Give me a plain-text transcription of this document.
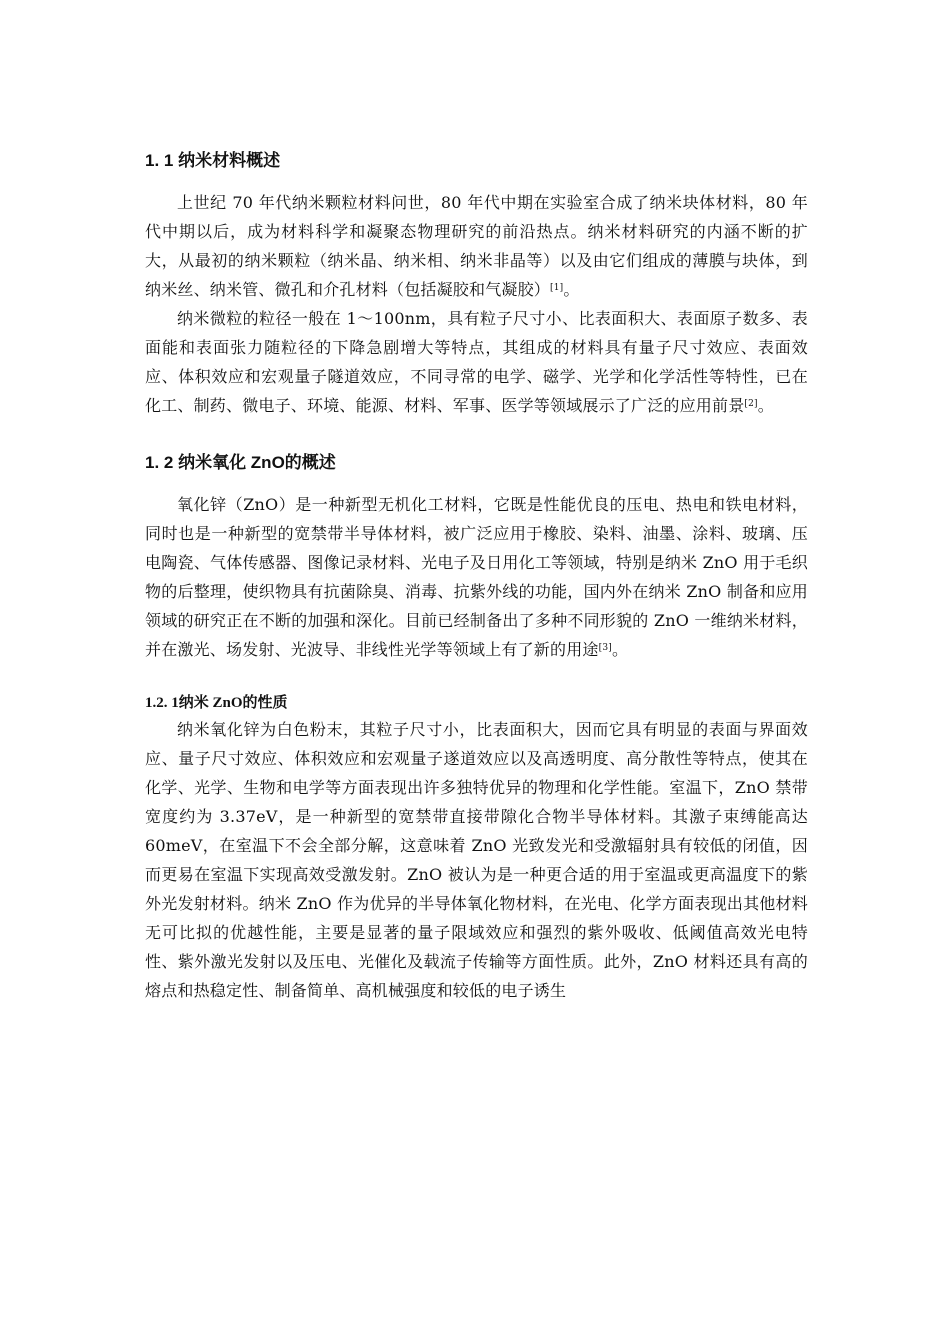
1. 1 纳米材料概述

上世纪 70 年代纳米颗粒材料问世，80 年代中期在实验室合成了纳米块体材料，80 年代中期以后，成为材料科学和凝聚态物理研究的前沿热点。纳米材料研究的内涵不断的扩大，从最初的纳米颗粒（纳米晶、纳米相、纳米非晶等）以及由它们组成的薄膜与块体，到纳米丝、纳米管、微孔和介孔材料（包括凝胶和气凝胶）[1]。

纳米微粒的粒径一般在 1～100nm，具有粒子尺寸小、比表面积大、表面原子数多、表面能和表面张力随粒径的下降急剧增大等特点，其组成的材料具有量子尺寸效应、表面效应、体积效应和宏观量子隧道效应，不同寻常的电学、磁学、光学和化学活性等特性，已在化工、制药、微电子、环境、能源、材料、军事、医学等领域展示了广泛的应用前景[2]。

1. 2 纳米氧化 ZnO的概述

氧化锌（ZnO）是一种新型无机化工材料，它既是性能优良的压电、热电和铁电材料，同时也是一种新型的宽禁带半导体材料，被广泛应用于橡胶、染料、油墨、涂料、玻璃、压电陶瓷、气体传感器、图像记录材料、光电子及日用化工等领域，特别是纳米 ZnO 用于毛织物的后整理，使织物具有抗菌除臭、消毒、抗紫外线的功能，国内外在纳米 ZnO 制备和应用领域的研究正在不断的加强和深化。目前已经制备出了多种不同形貌的 ZnO 一维纳米材料，并在激光、场发射、光波导、非线性光学等领域上有了新的用途[3]。

1.2. 1纳米 ZnO的性质

纳米氧化锌为白色粉末，其粒子尺寸小，比表面积大，因而它具有明显的表面与界面效应、量子尺寸效应、体积效应和宏观量子遂道效应以及高透明度、高分散性等特点，使其在化学、光学、生物和电学等方面表现出许多独特优异的物理和化学性能。室温下，ZnO 禁带宽度约为 3.37eV，是一种新型的宽禁带直接带隙化合物半导体材料。其激子束缚能高达 60meV，在室温下不会全部分解，这意味着 ZnO 光致发光和受激辐射具有较低的闭值，因而更易在室温下实现高效受激发射。ZnO 被认为是一种更合适的用于室温或更高温度下的紫外光发射材料。纳米 ZnO 作为优异的半导体氧化物材料，在光电、化学方面表现出其他材料无可比拟的优越性能，主要是显著的量子限域效应和强烈的紫外吸收、低阈值高效光电特性、紫外激光发射以及压电、光催化及载流子传输等方面性质。此外，ZnO 材料还具有高的熔点和热稳定性、制备简单、高机械强度和较低的电子诱生
